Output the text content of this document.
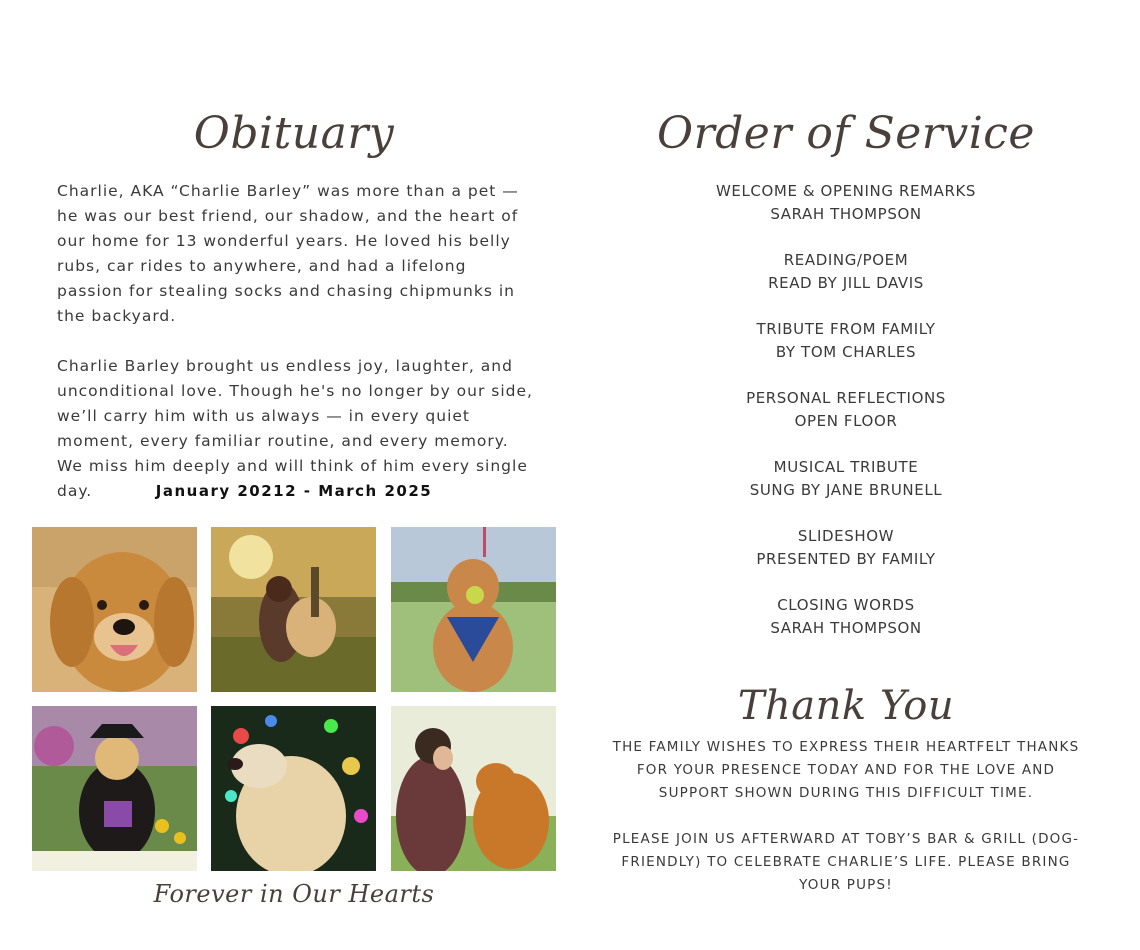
Obituary

Charlie, AKA “Charlie Barley” was more than a pet — he was our best friend, our shadow, and the heart of our home for 13 wonderful years. He loved his belly rubs, car rides to anywhere, and had a lifelong passion for stealing socks and chasing chipmunks in the backyard.

Charlie Barley brought us endless joy, laughter, and unconditional love. Though he's no longer by our side, we’ll carry him with us always — in every quiet moment, every familiar routine, and every memory. We miss him deeply and will think of him every single day.	January 20212 - March 2025
Forever in Our Hearts
Order of Service
WELCOME & OPENING REMARKS
SARAH THOMPSON
READING/POEM
READ BY JILL DAVIS
TRIBUTE FROM FAMILY
BY TOM CHARLES
PERSONAL REFLECTIONS
OPEN FLOOR
MUSICAL TRIBUTE
SUNG BY JANE BRUNELL
SLIDESHOW
PRESENTED BY FAMILY
CLOSING WORDS
SARAH THOMPSON
Thank You

THE FAMILY WISHES TO EXPRESS THEIR HEARTFELT THANKS FOR YOUR PRESENCE TODAY AND FOR THE LOVE AND SUPPORT SHOWN DURING THIS DIFFICULT TIME.

PLEASE JOIN US AFTERWARD AT TOBY’S BAR & GRILL (DOG-FRIENDLY) TO CELEBRATE CHARLIE’S LIFE. PLEASE BRING YOUR PUPS!
